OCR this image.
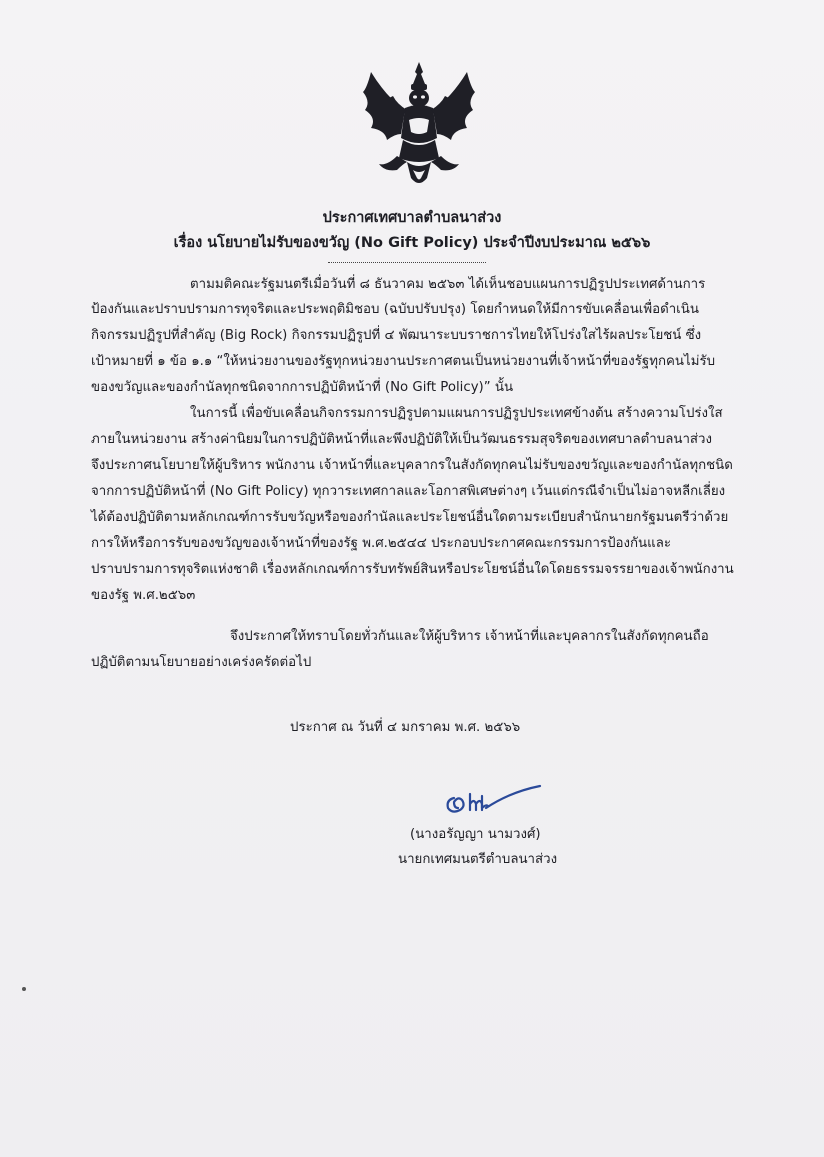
ประกาศเทศบาลตำบลนาส่วง
เรื่อง นโยบายไม่รับของขวัญ (No Gift Policy) ประจำปีงบประมาณ ๒๕๖๖
ตามมติคณะรัฐมนตรีเมื่อวันที่ ๘ ธันวาคม ๒๕๖๓ ได้เห็นชอบแผนการปฏิรูปประเทศด้านการ
ป้องกันและปราบปรามการทุจริตและประพฤติมิชอบ (ฉบับปรับปรุง) โดยกำหนดให้มีการขับเคลื่อนเพื่อดำเนิน
กิจกรรมปฏิรูปที่สำคัญ (Big Rock) กิจกรรมปฏิรูปที่ ๔ พัฒนาระบบราชการไทยให้โปร่งใสไร้ผลประโยชน์ ซึ่ง
เป้าหมายที่ ๑ ข้อ ๑.๑ “ให้หน่วยงานของรัฐทุกหน่วยงานประกาศตนเป็นหน่วยงานที่เจ้าหน้าที่ของรัฐทุกคนไม่รับ
ของขวัญและของกำนัลทุกชนิดจากการปฏิบัติหน้าที่ (No Gift Policy)” นั้น
ในการนี้ เพื่อขับเคลื่อนกิจกรรมการปฏิรูปตามแผนการปฏิรูปประเทศข้างต้น สร้างความโปร่งใส
ภายในหน่วยงาน สร้างค่านิยมในการปฏิบัติหน้าที่และพึงปฏิบัติให้เป็นวัฒนธรรมสุจริตของเทศบาลตำบลนาส่วง
จึงประกาศนโยบายให้ผู้บริหาร พนักงาน เจ้าหน้าที่และบุคลากรในสังกัดทุกคนไม่รับของขวัญและของกำนัลทุกชนิด
จากการปฏิบัติหน้าที่ (No Gift Policy) ทุกวาระเทศกาลและโอกาสพิเศษต่างๆ เว้นแต่กรณีจำเป็นไม่อาจหลีกเลี่ยง
ได้ต้องปฏิบัติตามหลักเกณฑ์การรับขวัญหรือของกำนัลและประโยชน์อื่นใดตามระเบียบสำนักนายกรัฐมนตรีว่าด้วย
การให้หรือการรับของขวัญของเจ้าหน้าที่ของรัฐ พ.ศ.๒๕๔๔ ประกอบประกาศคณะกรรมการป้องกันและ
ปราบปรามการทุจริตแห่งชาติ เรื่องหลักเกณฑ์การรับทรัพย์สินหรือประโยชน์อื่นใดโดยธรรมจรรยาของเจ้าพนักงาน
ของรัฐ พ.ศ.๒๕๖๓
จึงประกาศให้ทราบโดยทั่วกันและให้ผู้บริหาร เจ้าหน้าที่และบุคลากรในสังกัดทุกคนถือ
ปฏิบัติตามนโยบายอย่างเคร่งครัดต่อไป
ประกาศ ณ วันที่ ๔ มกราคม พ.ศ. ๒๕๖๖
(นางอรัญญา นามวงศ์)
นายกเทศมนตรีตำบลนาส่วง
